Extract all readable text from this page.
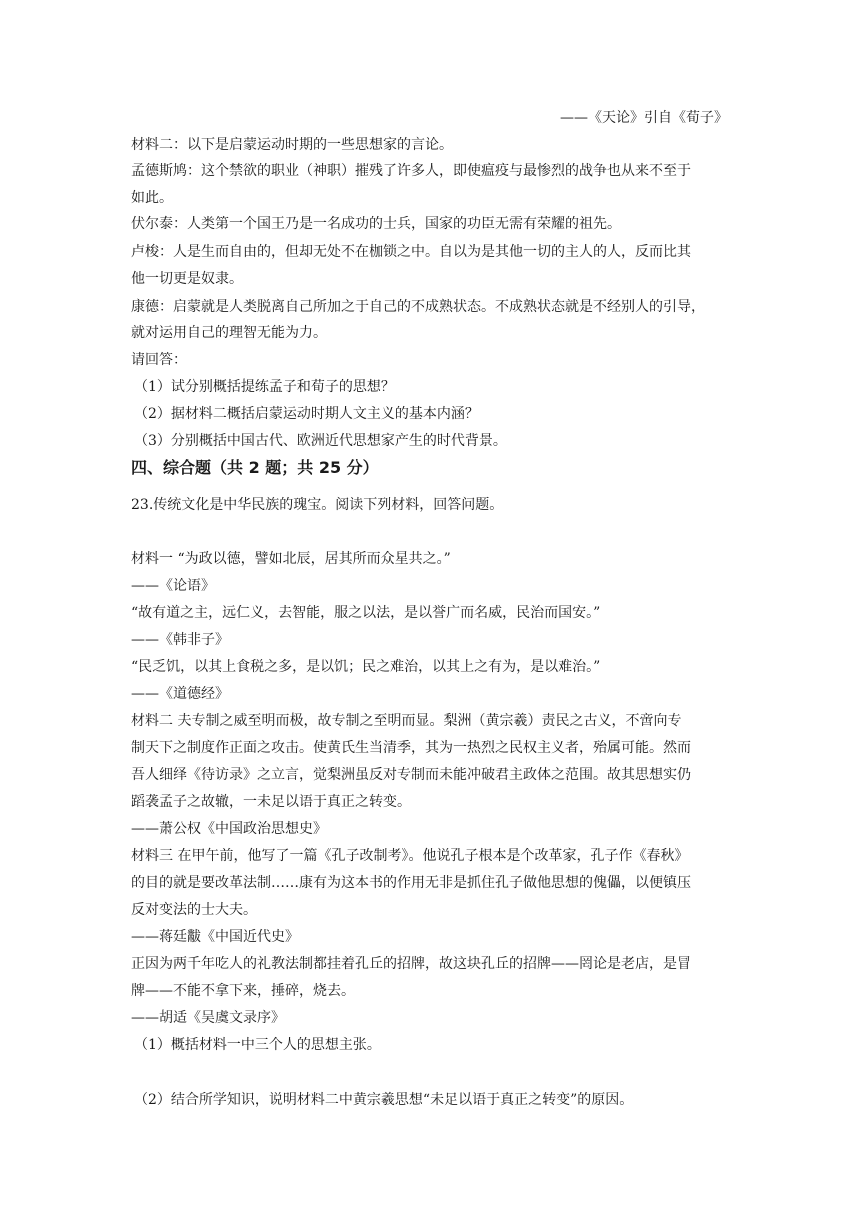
——《天论》引自《荀子》
材料二：以下是启蒙运动时期的一些思想家的言论。
孟德斯鸠：这个禁欲的职业（神职）摧残了许多人，即使瘟疫与最惨烈的战争也从来不至于
如此。
伏尔泰：人类第一个国王乃是一名成功的士兵，国家的功臣无需有荣耀的祖先。
卢梭：人是生而自由的，但却无处不在枷锁之中。自以为是其他一切的主人的人，反而比其
他一切更是奴隶。
康德：启蒙就是人类脱离自己所加之于自己的不成熟状态。不成熟状态就是不经别人的引导，
就对运用自己的理智无能为力。
请回答：
（1）试分别概括提练孟子和荀子的思想？
（2）据材料二概括启蒙运动时期人文主义的基本内涵？
（3）分别概括中国古代、欧洲近代思想家产生的时代背景。
四、综合题（共 2 题；共 25 分）
23.传统文化是中华民族的瑰宝。阅读下列材料，回答问题。
材料一 “为政以德，譬如北辰，居其所而众星共之。”
——《论语》
“故有道之主，远仁义，去智能，服之以法，是以誉广而名威，民治而国安。”
——《韩非子》
“民乏饥，以其上食税之多，是以饥；民之难治，以其上之有为，是以难治。”
——《道德经》
材料二 夫专制之威至明而极，故专制之至明而显。梨洲（黄宗羲）责民之古义，不啻向专
制天下之制度作正面之攻击。使黄氏生当清季，其为一热烈之民权主义者，殆属可能。然而
吾人细绎《待访录》之立言，觉梨洲虽反对专制而未能冲破君主政体之范围。故其思想实仍
蹈袭孟子之故辙，一未足以语于真正之转变。
——萧公权《中国政治思想史》
材料三 在甲午前，他写了一篇《孔子改制考》。他说孔子根本是个改革家，孔子作《春秋》
的目的就是要改革法制……康有为这本书的作用无非是抓住孔子做他思想的傀儡，以便镇压
反对变法的士大夫。
——蒋廷黻《中国近代史》
正因为两千年吃人的礼教法制都挂着孔丘的招牌，故这块孔丘的招牌——罔论是老店，是冒
牌——不能不拿下来，捶碎，烧去。
——胡适《吴虞文录序》
（1）概括材料一中三个人的思想主张。
（2）结合所学知识，说明材料二中黄宗羲思想“未足以语于真正之转变”的原因。
